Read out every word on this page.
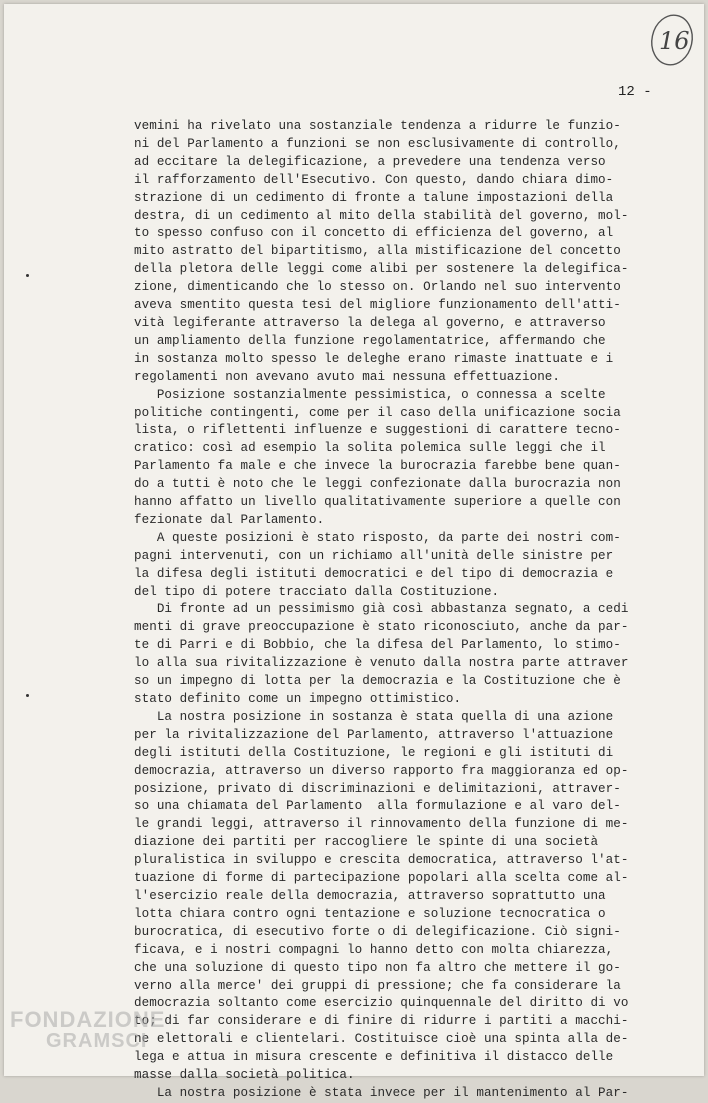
16
12 -
vemini ha rivelato una sostanziale tendenza a ridurre le funzio-
ni del Parlamento a funzioni se non esclusivamente di controllo,
ad eccitare la delegificazione, a prevedere una tendenza verso
il rafforzamento dell'Esecutivo. Con questo, dando chiara dimo-
strazione di un cedimento di fronte a talune impostazioni della
destra, di un cedimento al mito della stabilità del governo, mol-
to spesso confuso con il concetto di efficienza del governo, al
mito astratto del bipartitismo, alla mistificazione del concetto
della pletora delle leggi come alibi per sostenere la delegifica-
zione, dimenticando che lo stesso on. Orlando nel suo intervento
aveva smentito questa tesi del migliore funzionamento dell'atti-
vità legiferante attraverso la delega al governo, e attraverso
un ampliamento della funzione regolamentatrice, affermando che
in sostanza molto spesso le deleghe erano rimaste inattuate e i
regolamenti non avevano avuto mai nessuna effettuazione.
Posizione sostanzialmente pessimistica, o connessa a scelte
politiche contingenti, come per il caso della unificazione socia
lista, o riflettenti influenze e suggestioni di carattere tecno-
cratico: così ad esempio la solita polemica sulle leggi che il
Parlamento fa male e che invece la burocrazia farebbe bene quan-
do a tutti è noto che le leggi confezionate dalla burocrazia non
hanno affatto un livello qualitativamente superiore a quelle con
fezionate dal Parlamento.
A queste posizioni è stato risposto, da parte dei nostri com-
pagni intervenuti, con un richiamo all'unità delle sinistre per
la difesa degli istituti democratici e del tipo di democrazia e
del tipo di potere tracciato dalla Costituzione.
Di fronte ad un pessimismo già così abbastanza segnato, a cedi
menti di grave preoccupazione è stato riconosciuto, anche da par-
te di Parri e di Bobbio, che la difesa del Parlamento, lo stimo-
lo alla sua rivitalizzazione è venuto dalla nostra parte attraver
so un impegno di lotta per la democrazia e la Costituzione che è
stato definito come un impegno ottimistico.
La nostra posizione in sostanza è stata quella di una azione
per la rivitalizzazione del Parlamento, attraverso l'attuazione
degli istituti della Costituzione, le regioni e gli istituti di
democrazia, attraverso un diverso rapporto fra maggioranza ed op-
posizione, privato di discriminazioni e delimitazioni, attraver-
so una chiamata del Parlamento  alla formulazione e al varo del-
le grandi leggi, attraverso il rinnovamento della funzione di me-
diazione dei partiti per raccogliere le spinte di una società
pluralistica in sviluppo e crescita democratica, attraverso l'at-
tuazione di forme di partecipazione popolari alla scelta come al-
l'esercizio reale della democrazia, attraverso soprattutto una
lotta chiara contro ogni tentazione e soluzione tecnocratica o
burocratica, di esecutivo forte o di delegificazione. Ciò signi-
ficava, e i nostri compagni lo hanno detto con molta chiarezza,
che una soluzione di questo tipo non fa altro che mettere il go-
verno alla merce' dei gruppi di pressione; che fa considerare la
democrazia soltanto come esercizio quinquennale del diritto di vo
to; di far considerare e di finire di ridurre i partiti a macchi-
ne elettorali e clientelari. Costituisce cioè una spinta alla de-
lega e attua in misura crescente e definitiva il distacco delle
masse dalla società politica.
La nostra posizione è stata invece per il mantenimento al Par-
FONDAZIONE
GRAMSCI
